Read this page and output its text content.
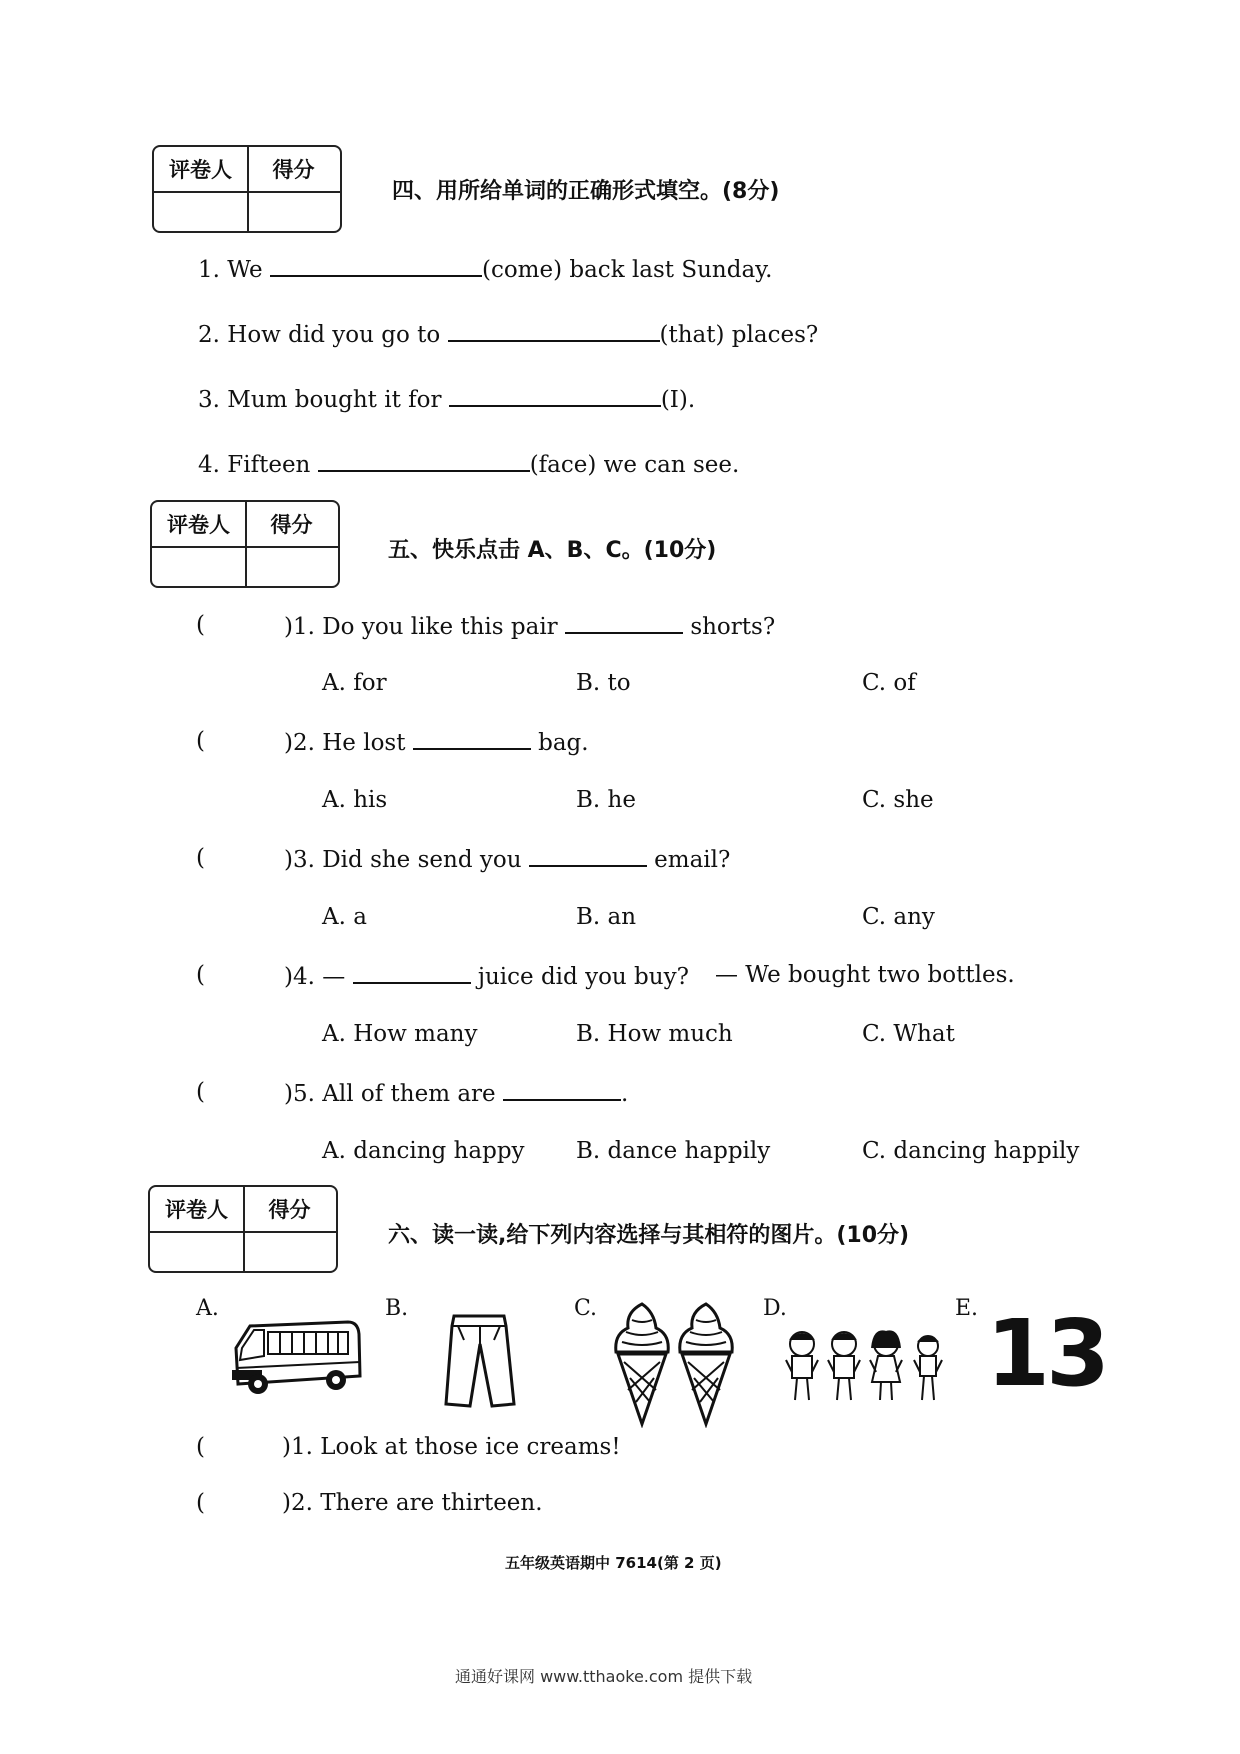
评卷人	得分
四、用所给单词的正确形式填空。(8分)
1. We	(come) back last Sunday.
2. How did you go to	(that) places?
3. Mum bought it for	(I).
4. Fifteen	(face) we can see.
评卷人	得分
五、快乐点击 A、B、C。(10分)
(	)1. Do you like this pair	shorts?
A. for	B. to	C. of
(	)2. He lost	bag.
A. his	B. he	C. she
(	)3. Did she send you	email?
A. a	B. an	C. any
(	)4. —	juice did you buy? — We bought two bottles.
A. How many	B. How much	C. What
(	)5. All of them are	.
A. dancing happy B. dance happily	C. dancing happily
评卷人	得分
六、读一读,给下列内容选择与其相符的图片。(10分)
A.	B.	C.	D.	E. 13
(	)1. Look at those ice creams!
(	)2. There are thirteen.
五年级英语期中 7614(第 2 页)
通通好课网 www.tthaoke.com 提供下载
